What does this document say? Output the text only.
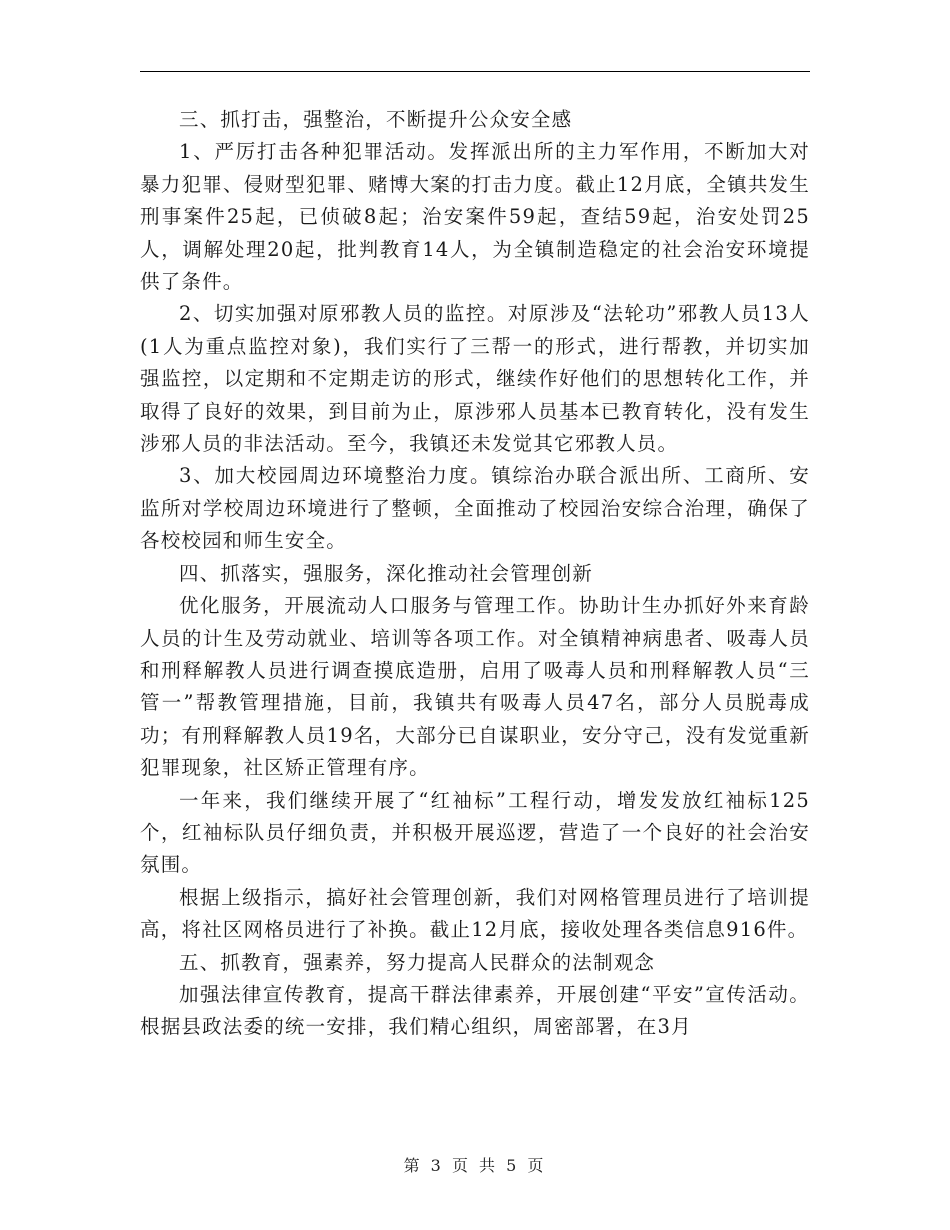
三、抓打击，强整治，不断提升公众安全感

1、严厉打击各种犯罪活动。发挥派出所的主力军作用，不断加大对暴力犯罪、侵财型犯罪、赌博大案的打击力度。截止12月底，全镇共发生刑事案件25起，已侦破8起；治安案件59起，查结59起，治安处罚25人，调解处理20起，批判教育14人，为全镇制造稳定的社会治安环境提供了条件。

2、切实加强对原邪教人员的监控。对原涉及“法轮功”邪教人员13人(1人为重点监控对象)，我们实行了三帮一的形式，进行帮教，并切实加强监控，以定期和不定期走访的形式，继续作好他们的思想转化工作，并取得了良好的效果，到目前为止，原涉邪人员基本已教育转化，没有发生涉邪人员的非法活动。至今，我镇还未发觉其它邪教人员。

3、加大校园周边环境整治力度。镇综治办联合派出所、工商所、安监所对学校周边环境进行了整顿，全面推动了校园治安综合治理，确保了各校校园和师生安全。

四、抓落实，强服务，深化推动社会管理创新

优化服务，开展流动人口服务与管理工作。协助计生办抓好外来育龄人员的计生及劳动就业、培训等各项工作。对全镇精神病患者、吸毒人员和刑释解教人员进行调查摸底造册，启用了吸毒人员和刑释解教人员“三管一”帮教管理措施，目前，我镇共有吸毒人员47名，部分人员脱毒成功；有刑释解教人员19名，大部分已自谋职业，安分守己，没有发觉重新犯罪现象，社区矫正管理有序。

一年来，我们继续开展了“红袖标”工程行动，增发发放红袖标125个，红袖标队员仔细负责，并积极开展巡逻，营造了一个良好的社会治安氛围。

根据上级指示，搞好社会管理创新，我们对网格管理员进行了培训提高，将社区网格员进行了补换。截止12月底，接收处理各类信息916件。

五、抓教育，强素养，努力提高人民群众的法制观念

加强法律宣传教育，提高干群法律素养，开展创建“平安”宣传活动。根据县政法委的统一安排，我们精心组织，周密部署，在3月

第 3 页 共 5 页
